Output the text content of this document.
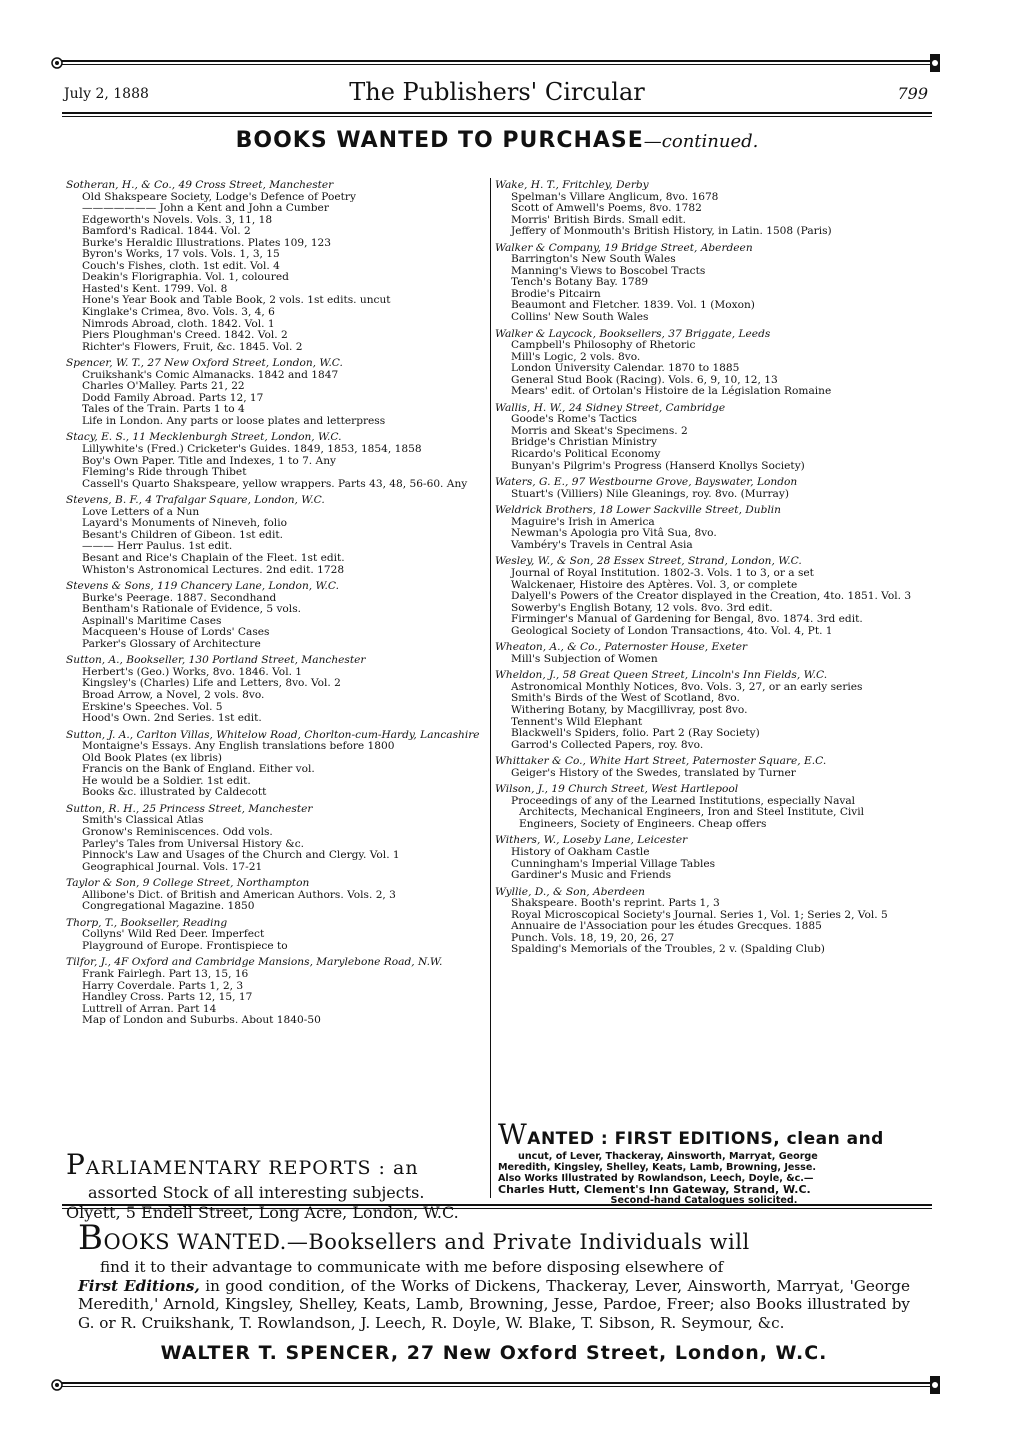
July 2, 1888	The Publishers' Circular	799
BOOKS WANTED TO PURCHASE—continued.
Sotheran, H., & Co., 49 Cross Street, Manchester
Old Shakspeare Society, Lodge's Defence of Poetry
——————— John a Kent and John a Cumber
Edgeworth's Novels. Vols. 3, 11, 18
Bamford's Radical. 1844. Vol. 2
Burke's Heraldic Illustrations. Plates 109, 123
Byron's Works, 17 vols. Vols. 1, 3, 15
Couch's Fishes, cloth. 1st edit. Vol. 4
Deakin's Florigraphia. Vol. 1, coloured
Hasted's Kent. 1799. Vol. 8
Hone's Year Book and Table Book, 2 vols. 1st edits. uncut
Kinglake's Crimea, 8vo. Vols. 3, 4, 6
Nimrods Abroad, cloth. 1842. Vol. 1
Piers Ploughman's Creed. 1842. Vol. 2
Richter's Flowers, Fruit, &c. 1845. Vol. 2
Spencer, W. T., 27 New Oxford Street, London, W.C.
Cruikshank's Comic Almanacks. 1842 and 1847
Charles O'Malley. Parts 21, 22
Dodd Family Abroad. Parts 12, 17
Tales of the Train. Parts 1 to 4
Life in London. Any parts or loose plates and letterpress
Stacy, E. S., 11 Mecklenburgh Street, London, W.C.
Lillywhite's (Fred.) Cricketer's Guides. 1849, 1853, 1854, 1858
Boy's Own Paper. Title and Indexes, 1 to 7. Any
Fleming's Ride through Thibet
Cassell's Quarto Shakspeare, yellow wrappers. Parts 43, 48, 56-60. Any
Stevens, B. F., 4 Trafalgar Square, London, W.C.
Love Letters of a Nun
Layard's Monuments of Nineveh, folio
Besant's Children of Gibeon. 1st edit.
——— Herr Paulus. 1st edit.
Besant and Rice's Chaplain of the Fleet. 1st edit.
Whiston's Astronomical Lectures. 2nd edit. 1728
Stevens & Sons, 119 Chancery Lane, London, W.C.
Burke's Peerage. 1887. Secondhand
Bentham's Rationale of Evidence, 5 vols.
Aspinall's Maritime Cases
Macqueen's House of Lords' Cases
Parker's Glossary of Architecture
Sutton, A., Bookseller, 130 Portland Street, Manchester
Herbert's (Geo.) Works, 8vo. 1846. Vol. 1
Kingsley's (Charles) Life and Letters, 8vo. Vol. 2
Broad Arrow, a Novel, 2 vols. 8vo.
Erskine's Speeches. Vol. 5
Hood's Own. 2nd Series. 1st edit.
Sutton, J. A., Carlton Villas, Whitelow Road, Chorlton-cum-Hardy, Lancashire
Montaigne's Essays. Any English translations before 1800
Old Book Plates (ex libris)
Francis on the Bank of England. Either vol.
He would be a Soldier. 1st edit.
Books &c. illustrated by Caldecott
Sutton, R. H., 25 Princess Street, Manchester
Smith's Classical Atlas
Gronow's Reminiscences. Odd vols.
Parley's Tales from Universal History &c.
Pinnock's Law and Usages of the Church and Clergy. Vol. 1
Geographical Journal. Vols. 17-21
Taylor & Son, 9 College Street, Northampton
Allibone's Dict. of British and American Authors. Vols. 2, 3
Congregational Magazine. 1850
Thorp, T., Bookseller, Reading
Collyns' Wild Red Deer. Imperfect
Playground of Europe. Frontispiece to
Tilfor, J., 4F Oxford and Cambridge Mansions, Marylebone Road, N.W.
Frank Fairlegh. Part 13, 15, 16
Harry Coverdale. Parts 1, 2, 3
Handley Cross. Parts 12, 15, 17
Luttrell of Arran. Part 14
Map of London and Suburbs. About 1840-50
Wake, H. T., Fritchley, Derby
Spelman's Villare Anglicum, 8vo. 1678
Scott of Amwell's Poems, 8vo. 1782
Morris' British Birds. Small edit.
Jeffery of Monmouth's British History, in Latin. 1508 (Paris)
Walker & Company, 19 Bridge Street, Aberdeen
Barrington's New South Wales
Manning's Views to Boscobel Tracts
Tench's Botany Bay. 1789
Brodie's Pitcairn
Beaumont and Fletcher. 1839. Vol. 1 (Moxon)
Collins' New South Wales
Walker & Laycock, Booksellers, 37 Briggate, Leeds
Campbell's Philosophy of Rhetoric
Mill's Logic, 2 vols. 8vo.
London University Calendar. 1870 to 1885
General Stud Book (Racing). Vols. 6, 9, 10, 12, 13
Mears' edit. of Ortolan's Histoire de la Législation Romaine
Wallis, H. W., 24 Sidney Street, Cambridge
Goode's Rome's Tactics
Morris and Skeat's Specimens. 2
Bridge's Christian Ministry
Ricardo's Political Economy
Bunyan's Pilgrim's Progress (Hanserd Knollys Society)
Waters, G. E., 97 Westbourne Grove, Bayswater, London
Stuart's (Villiers) Nile Gleanings, roy. 8vo. (Murray)
Weldrick Brothers, 18 Lower Sackville Street, Dublin
Maguire's Irish in America
Newman's Apologia pro Vitâ Sua, 8vo.
Vambéry's Travels in Central Asia
Wesley, W., & Son, 28 Essex Street, Strand, London, W.C.
Journal of Royal Institution. 1802-3. Vols. 1 to 3, or a set
Walckenaer, Histoire des Aptères. Vol. 3, or complete
Dalyell's Powers of the Creator displayed in the Creation, 4to. 1851. Vol. 3
Sowerby's English Botany, 12 vols. 8vo. 3rd edit.
Firminger's Manual of Gardening for Bengal, 8vo. 1874. 3rd edit.
Geological Society of London Transactions, 4to. Vol. 4, Pt. 1
Wheaton, A., & Co., Paternoster House, Exeter
Mill's Subjection of Women
Wheldon, J., 58 Great Queen Street, Lincoln's Inn Fields, W.C.
Astronomical Monthly Notices, 8vo. Vols. 3, 27, or an early series
Smith's Birds of the West of Scotland, 8vo.
Withering Botany, by Macgillivray, post 8vo.
Tennent's Wild Elephant
Blackwell's Spiders, folio. Part 2 (Ray Society)
Garrod's Collected Papers, roy. 8vo.
Whittaker & Co., White Hart Street, Paternoster Square, E.C.
Geiger's History of the Swedes, translated by Turner
Wilson, J., 19 Church Street, West Hartlepool
Proceedings of any of the Learned Institutions, especially Naval Architects, Mechanical Engineers, Iron and Steel Institute, Civil Engineers, Society of Engineers. Cheap offers
Withers, W., Loseby Lane, Leicester
History of Oakham Castle
Cunningham's Imperial Village Tables
Gardiner's Music and Friends
Wyllie, D., & Son, Aberdeen
Shakspeare. Booth's reprint. Parts 1, 3
Royal Microscopical Society's Journal. Series 1, Vol. 1; Series 2, Vol. 5
Annuaire de l'Association pour les études Grecques. 1885
Punch. Vols. 18, 19, 20, 26, 27
Spalding's Memorials of the Troubles, 2 v. (Spalding Club)
PARLIAMENTARY REPORTS : an
assorted Stock of all interesting subjects.
Olyett, 5 Endell Street, Long Acre, London, W.C.
WANTED : FIRST EDITIONS, clean and
uncut, of Lever, Thackeray, Ainsworth, Marryat, George
Meredith, Kingsley, Shelley, Keats, Lamb, Browning, Jesse.
Also Works Illustrated by Rowlandson, Leech, Doyle, &c.—
Charles Hutt, Clement's Inn Gateway, Strand, W.C.
Second-hand Catalogues solicited.
BOOKS WANTED.—Booksellers and Private Individuals will
find it to their advantage to communicate with me before disposing elsewhere of
First Editions, in good condition, of the Works of Dickens, Thackeray, Lever, Ainsworth, Marryat, 'George Meredith,' Arnold, Kingsley, Shelley, Keats, Lamb, Browning, Jesse, Pardoe, Freer; also Books illustrated by G. or R. Cruikshank, T. Rowlandson, J. Leech, R. Doyle, W. Blake, T. Sibson, R. Seymour, &c.
WALTER T. SPENCER, 27 New Oxford Street, London, W.C.
